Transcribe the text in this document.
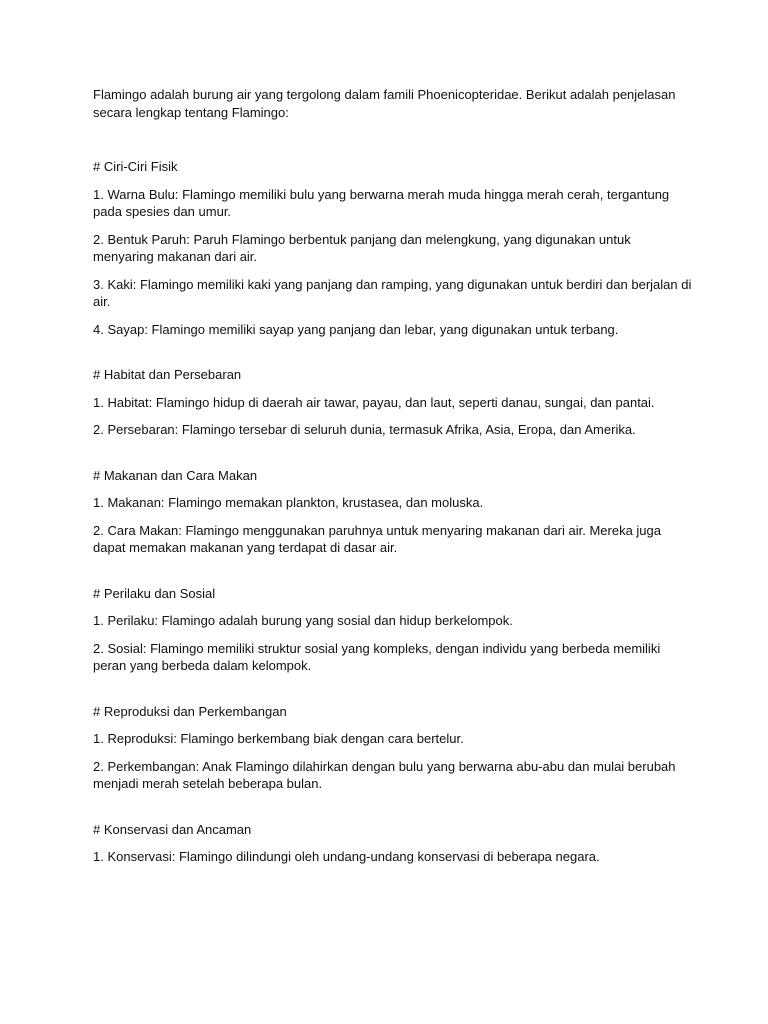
Flamingo adalah burung air yang tergolong dalam famili Phoenicopteridae. Berikut adalah penjelasan secara lengkap tentang Flamingo:

# Ciri-Ciri Fisik

1. Warna Bulu: Flamingo memiliki bulu yang berwarna merah muda hingga merah cerah, tergantung pada spesies dan umur.

2. Bentuk Paruh: Paruh Flamingo berbentuk panjang dan melengkung, yang digunakan untuk menyaring makanan dari air.

3. Kaki: Flamingo memiliki kaki yang panjang dan ramping, yang digunakan untuk berdiri dan berjalan di air.

4. Sayap: Flamingo memiliki sayap yang panjang dan lebar, yang digunakan untuk terbang.

# Habitat dan Persebaran

1. Habitat: Flamingo hidup di daerah air tawar, payau, dan laut, seperti danau, sungai, dan pantai.

2. Persebaran: Flamingo tersebar di seluruh dunia, termasuk Afrika, Asia, Eropa, dan Amerika.

# Makanan dan Cara Makan

1. Makanan: Flamingo memakan plankton, krustasea, dan moluska.

2. Cara Makan: Flamingo menggunakan paruhnya untuk menyaring makanan dari air. Mereka juga dapat memakan makanan yang terdapat di dasar air.

# Perilaku dan Sosial

1. Perilaku: Flamingo adalah burung yang sosial dan hidup berkelompok.

2. Sosial: Flamingo memiliki struktur sosial yang kompleks, dengan individu yang berbeda memiliki peran yang berbeda dalam kelompok.

# Reproduksi dan Perkembangan

1. Reproduksi: Flamingo berkembang biak dengan cara bertelur.

2. Perkembangan: Anak Flamingo dilahirkan dengan bulu yang berwarna abu-abu dan mulai berubah menjadi merah setelah beberapa bulan.

# Konservasi dan Ancaman

1. Konservasi: Flamingo dilindungi oleh undang-undang konservasi di beberapa negara.
